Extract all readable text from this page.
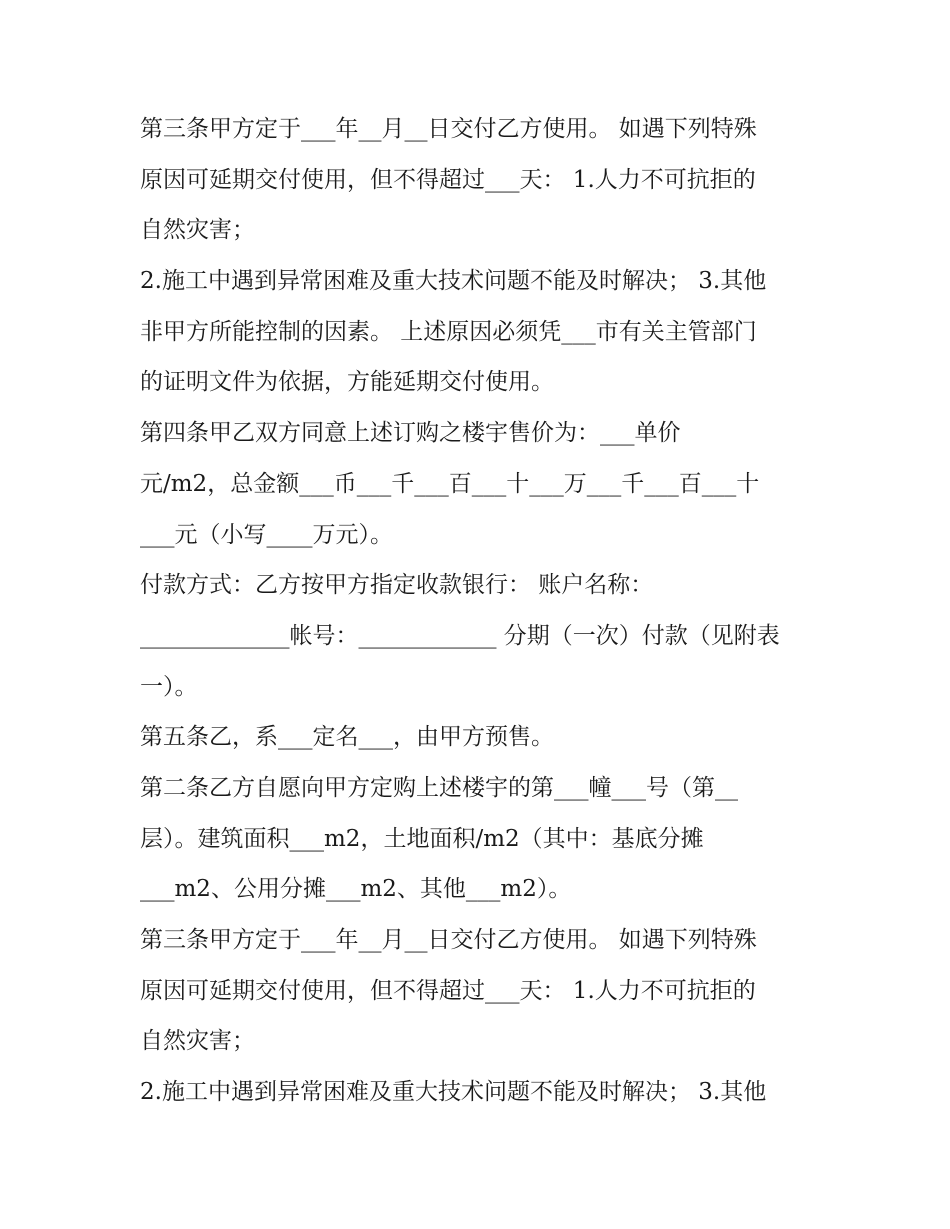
第三条甲方定于___年__月__日交付乙方使用。 如遇下列特殊
原因可延期交付使用，但不得超过___天： 1.人力不可抗拒的
自然灾害；
2.施工中遇到异常困难及重大技术问题不能及时解决； 3.其他
非甲方所能控制的因素。 上述原因必须凭___市有关主管部门
的证明文件为依据，方能延期交付使用。
第四条甲乙双方同意上述订购之楼宇售价为：___单价
元/m2，总金额___币___千___百___十___万___千___百___十
___元（小写____万元）。
付款方式：乙方按甲方指定收款银行： 账户名称：
_____________帐号：____________ 分期（一次）付款（见附表
一）。
第五条乙，系___定名___，由甲方预售。
第二条乙方自愿向甲方定购上述楼宇的第___幢___号（第__
层）。建筑面积___m2，土地面积/m2（其中：基底分摊
___m2、公用分摊___m2、其他___m2）。
第三条甲方定于___年__月__日交付乙方使用。 如遇下列特殊
原因可延期交付使用，但不得超过___天： 1.人力不可抗拒的
自然灾害；
2.施工中遇到异常困难及重大技术问题不能及时解决； 3.其他
